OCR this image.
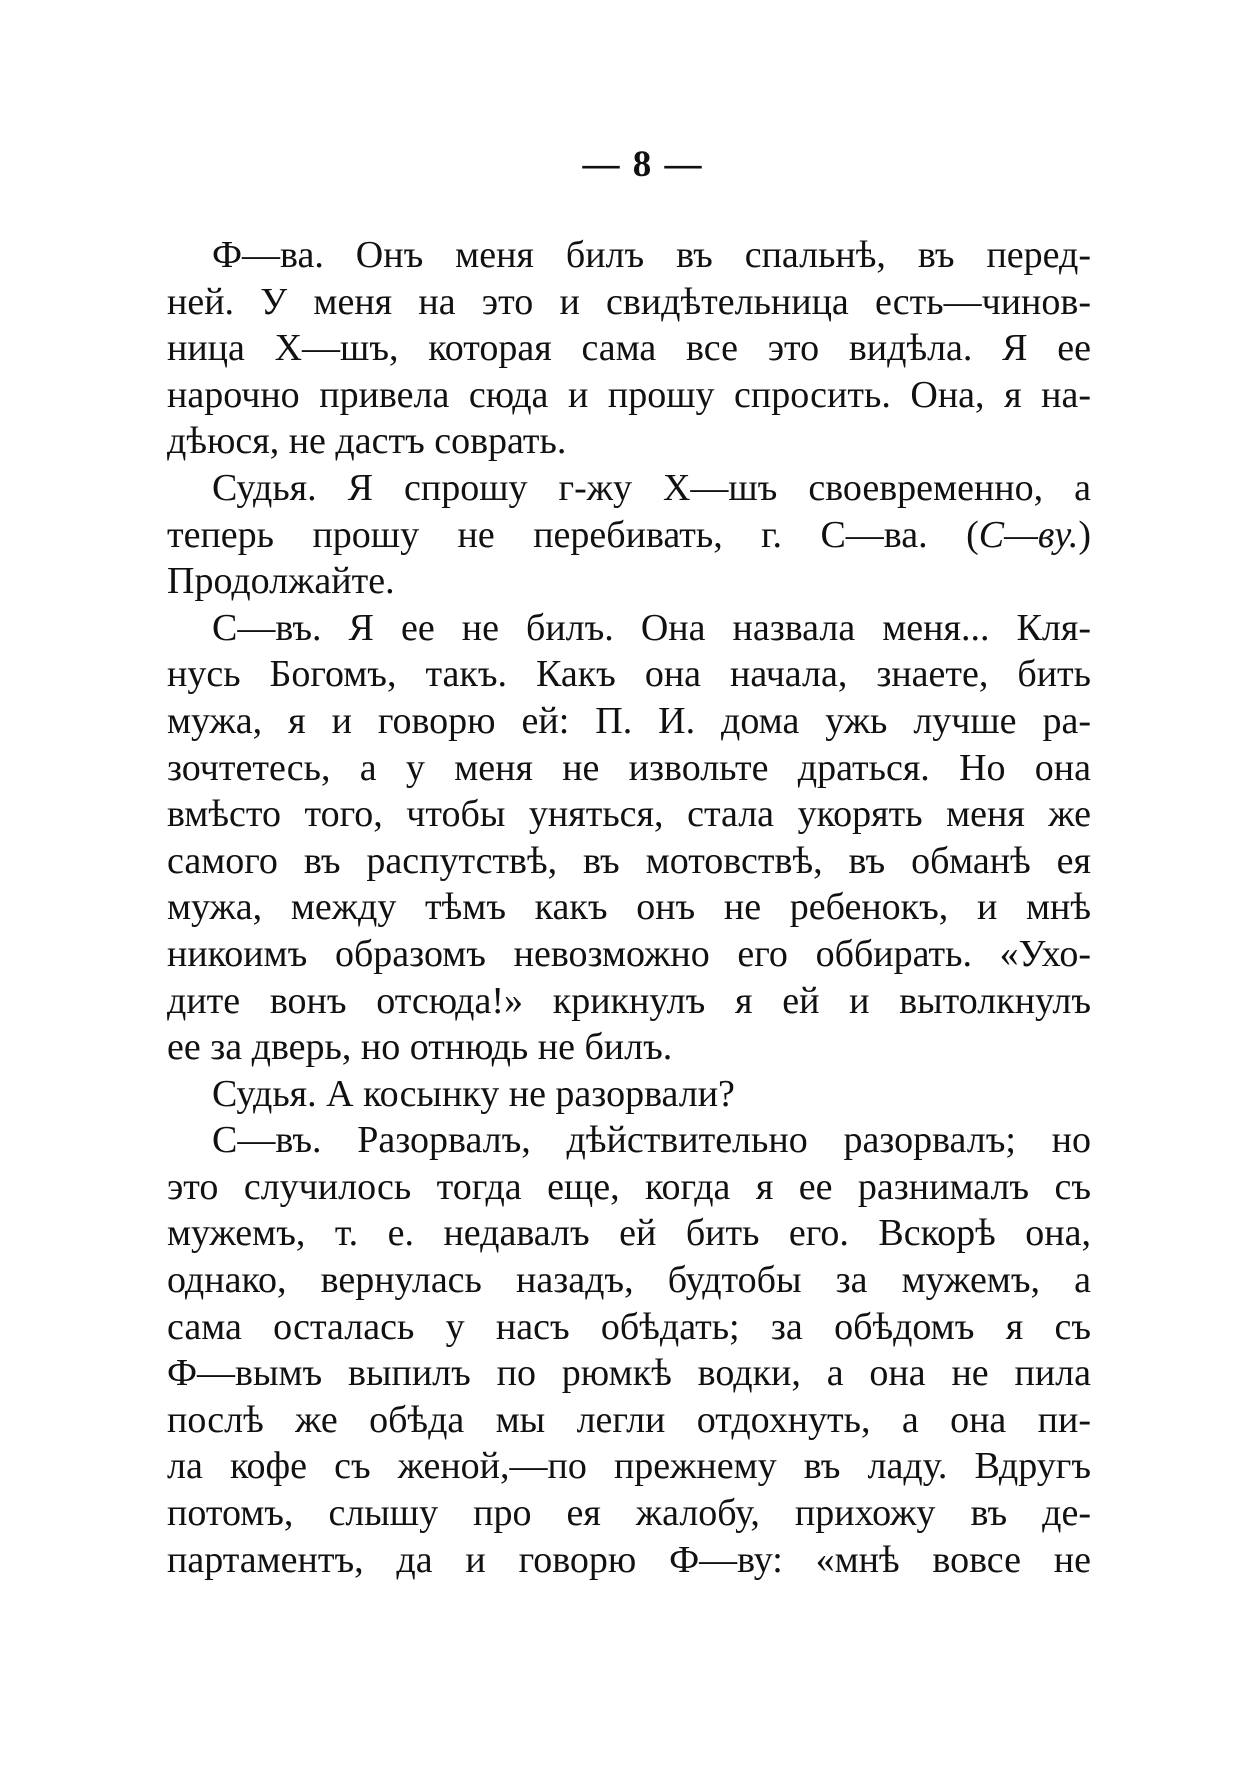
— 8 —
Ф—ва. Онъ меня билъ въ спальнѣ, въ перед-
ней. У меня на это и свидѣтельница есть—чинов-
ница Х—шъ, которая сама все это видѣла. Я ее
нарочно привела сюда и прошу спросить. Она, я на-
дѣюся, не дастъ соврать.
Судья. Я спрошу г-жу Х—шъ своевременно, а
теперь прошу не перебивать, г. С—ва. (С—ву.)
Продолжайте.
С—въ. Я ее не билъ. Она назвала меня... Кля-
нусь Богомъ, такъ. Какъ она начала, знаете, бить
мужа, я и говорю ей: П. И. дома ужь лучше ра-
зочтетесь, а у меня не извольте драться. Но она
вмѣсто того, чтобы уняться, стала укорять меня же
самого въ распутствѣ, въ мотовствѣ, въ обманѣ ея
мужа, между тѣмъ какъ онъ не ребенокъ, и мнѣ
никоимъ образомъ невозможно его оббирать. «Ухо-
дите вонъ отсюда!» крикнулъ я ей и вытолкнулъ
ее за дверь, но отнюдь не билъ.
Судья. А косынку не разорвали?
С—въ. Разорвалъ, дѣйствительно разорвалъ; но
это случилось тогда еще, когда я ее разнималъ съ
мужемъ, т. е. недавалъ ей бить его. Вскорѣ она,
однако, вернулась назадъ, будтобы за мужемъ, а
сама осталась у насъ обѣдать; за обѣдомъ я съ
Ф—вымъ выпилъ по рюмкѣ водки, а она не пила
послѣ же обѣда мы легли отдохнуть, а она пи-
ла кофе съ женой,—по прежнему въ ладу. Вдругъ
потомъ, слышу про ея жалобу, прихожу въ де-
партаментъ, да и говорю Ф—ву: «мнѣ вовсе не
